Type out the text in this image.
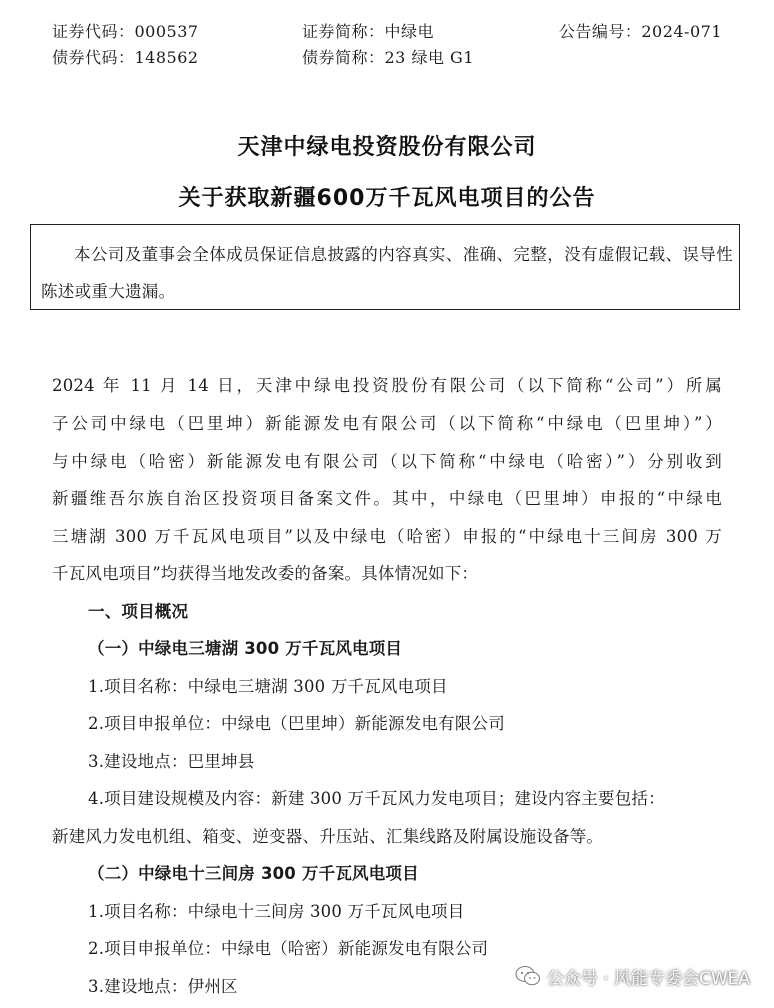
证券代码：000537	证券简称：中绿电	公告编号：2024-071
债券代码：148562	债券简称：23 绿电 G1
天津中绿电投资股份有限公司
关于获取新疆600万千瓦风电项目的公告

本公司及董事会全体成员保证信息披露的内容真实、准确、完整，没有虚假记载、误导性陈述或重大遗漏。

2024 年 11 月 14 日，天津中绿电投资股份有限公司（以下简称“公司”）所属
子公司中绿电（巴里坤）新能源发电有限公司（以下简称“中绿电（巴里坤）”）
与中绿电（哈密）新能源发电有限公司（以下简称“中绿电（哈密）”）分别收到
新疆维吾尔族自治区投资项目备案文件。其中，中绿电（巴里坤）申报的“中绿电
三塘湖 300 万千瓦风电项目”以及中绿电（哈密）申报的“中绿电十三间房 300 万
千瓦风电项目”均获得当地发改委的备案。具体情况如下：
一、项目概况
（一）中绿电三塘湖 300 万千瓦风电项目
1.项目名称：中绿电三塘湖 300 万千瓦风电项目
2.项目申报单位：中绿电（巴里坤）新能源发电有限公司
3.建设地点：巴里坤县
4.项目建设规模及内容：新建 300 万千瓦风力发电项目；建设内容主要包括：
新建风力发电机组、箱变、逆变器、升压站、汇集线路及附属设施设备等。
（二）中绿电十三间房 300 万千瓦风电项目
1.项目名称：中绿电十三间房 300 万千瓦风电项目
2.项目申报单位：中绿电（哈密）新能源发电有限公司
3.建设地点：伊州区	公众号 · 风能专委会CWEA
